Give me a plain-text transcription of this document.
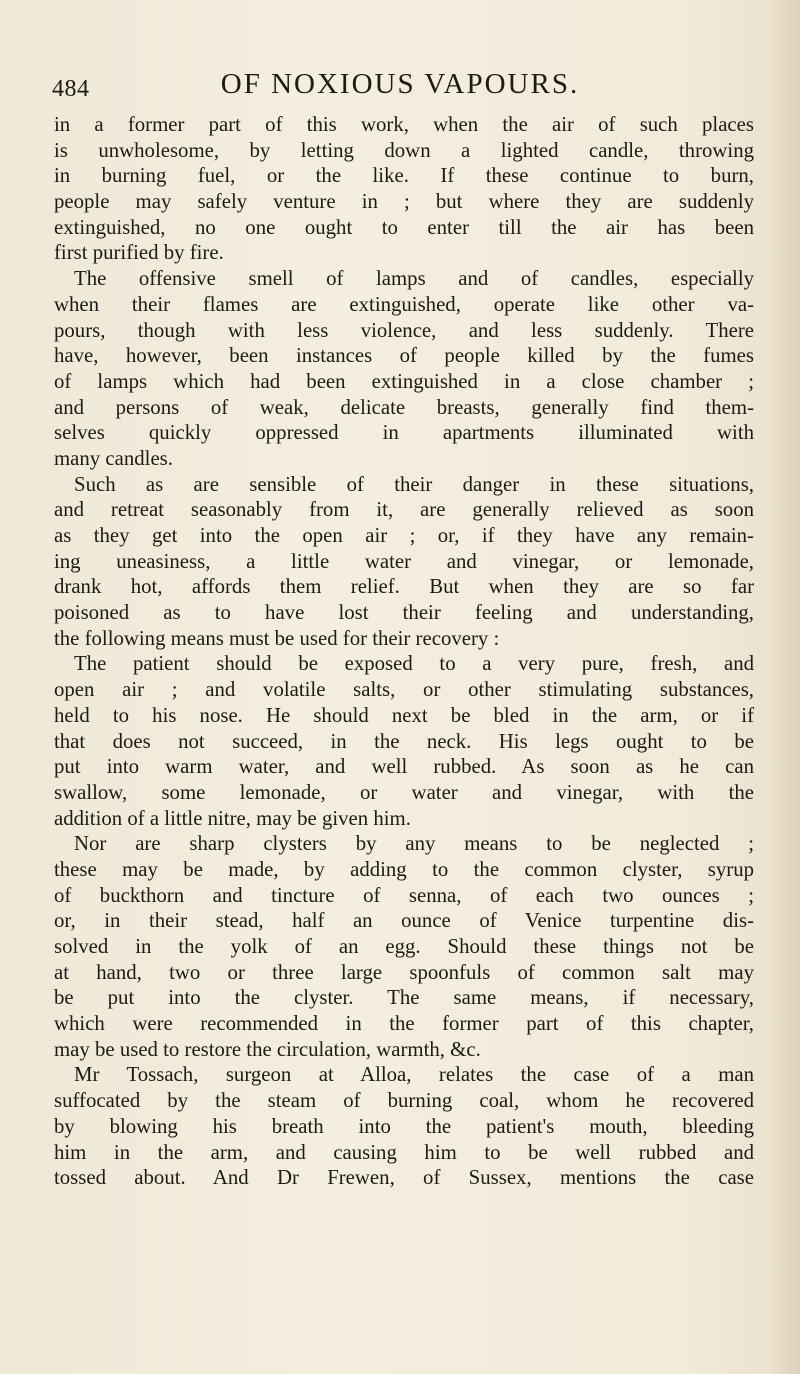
484	OF NOXIOUS VAPOURS.
in a former part of this work, when the air of such places
is unwholesome, by letting down a lighted candle, throwing
in burning fuel, or the like. If these continue to burn,
people may safely venture in ; but where they are suddenly
extinguished, no one ought to enter till the air has been
first purified by fire.
The offensive smell of lamps and of candles, especially
when their flames are extinguished, operate like other va-
pours, though with less violence, and less suddenly. There
have, however, been instances of people killed by the fumes
of lamps which had been extinguished in a close chamber ;
and persons of weak, delicate breasts, generally find them-
selves quickly oppressed in apartments illuminated with
many candles.
Such as are sensible of their danger in these situations,
and retreat seasonably from it, are generally relieved as soon
as they get into the open air ; or, if they have any remain-
ing uneasiness, a little water and vinegar, or lemonade,
drank hot, affords them relief. But when they are so far
poisoned as to have lost their feeling and understanding,
the following means must be used for their recovery :
The patient should be exposed to a very pure, fresh, and
open air ; and volatile salts, or other stimulating substances,
held to his nose. He should next be bled in the arm, or if
that does not succeed, in the neck. His legs ought to be
put into warm water, and well rubbed. As soon as he can
swallow, some lemonade, or water and vinegar, with the
addition of a little nitre, may be given him.
Nor are sharp clysters by any means to be neglected ;
these may be made, by adding to the common clyster, syrup
of buckthorn and tincture of senna, of each two ounces ;
or, in their stead, half an ounce of Venice turpentine dis-
solved in the yolk of an egg. Should these things not be
at hand, two or three large spoonfuls of common salt may
be put into the clyster. The same means, if necessary,
which were recommended in the former part of this chapter,
may be used to restore the circulation, warmth, &c.
Mr Tossach, surgeon at Alloa, relates the case of a man
suffocated by the steam of burning coal, whom he recovered
by blowing his breath into the patient's mouth, bleeding
him in the arm, and causing him to be well rubbed and
tossed about. And Dr Frewen, of Sussex, mentions the case
